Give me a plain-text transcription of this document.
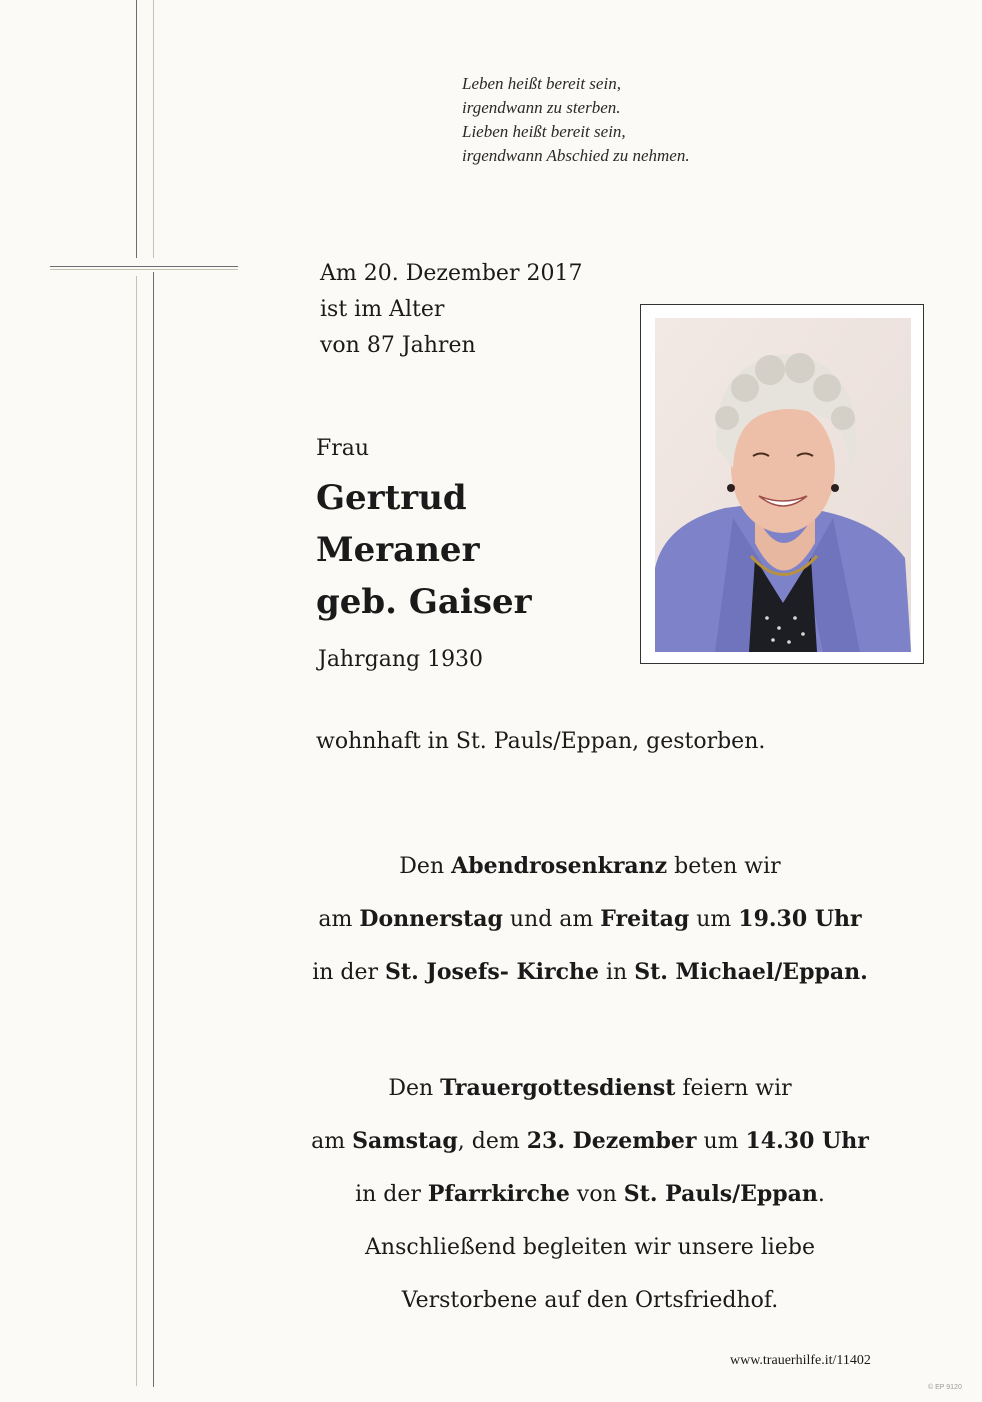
Leben heißt bereit sein,
irgendwann zu sterben.
Lieben heißt bereit sein,
irgendwann Abschied zu nehmen.
Am 20. Dezember 2017
ist im Alter
von 87 Jahren
Frau
Gertrud
Meraner
geb. Gaiser
Jahrgang 1930
wohnhaft in St. Pauls/Eppan, gestorben.
Den Abendrosenkranz beten wir
am Donnerstag und am Freitag um 19.30 Uhr
in der St. Josefs- Kirche in St. Michael/Eppan.
Den Trauergottesdienst feiern wir
am Samstag, dem 23. Dezember um 14.30 Uhr
in der Pfarrkirche von St. Pauls/Eppan.
Anschließend begleiten wir unsere liebe
Verstorbene auf den Ortsfriedhof.
www.trauerhilfe.it/11402
© EP 9120
